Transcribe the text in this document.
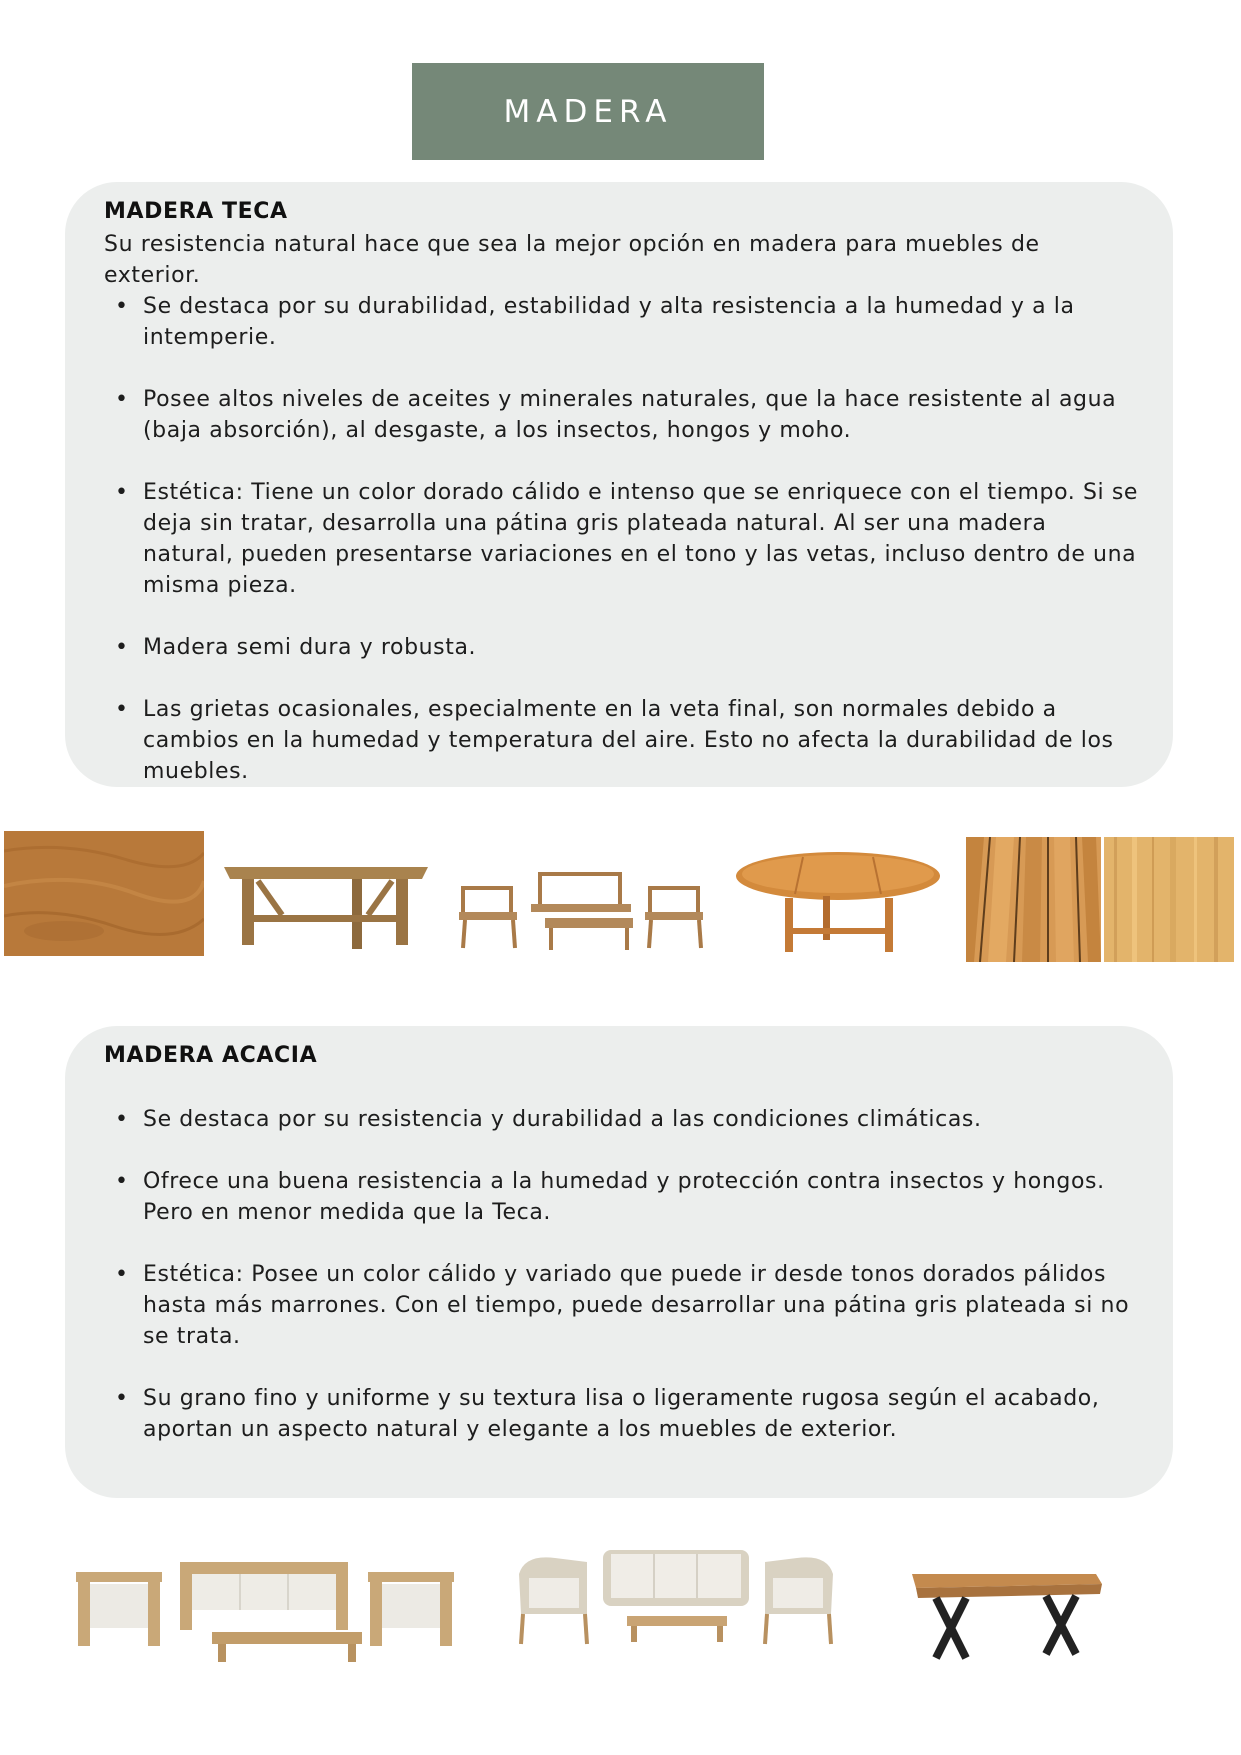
MADERA
MADERA TECA

Su resistencia natural hace que sea la mejor opción en madera para muebles de exterior.

• Se destaca por su durabilidad, estabilidad y alta resistencia a la humedad y a la intemperie.
• Posee altos niveles de aceites y minerales naturales, que la hace resistente al agua (baja absorción), al desgaste, a los insectos, hongos y moho.
• Estética: Tiene un color dorado cálido e intenso que se enriquece con el tiempo. Si se deja sin tratar, desarrolla una pátina gris plateada natural. Al ser una madera natural, pueden presentarse variaciones en el tono y las vetas, incluso dentro de una misma pieza.
• Madera semi dura y robusta.
• Las grietas ocasionales, especialmente en la veta final, son normales debido a cambios en la humedad y temperatura del aire. Esto no afecta la durabilidad de los muebles.
MADERA ACACIA
• Se destaca por su resistencia y durabilidad a las condiciones climáticas.
• Ofrece una buena resistencia a la humedad y protección contra insectos y hongos. Pero en menor medida que la Teca.
• Estética: Posee un color cálido y variado que puede ir desde tonos dorados pálidos hasta más marrones. Con el tiempo, puede desarrollar una pátina gris plateada si no se trata.
• Su grano fino y uniforme y su textura lisa o ligeramente rugosa según el acabado, aportan un aspecto natural y elegante a los muebles de exterior.
